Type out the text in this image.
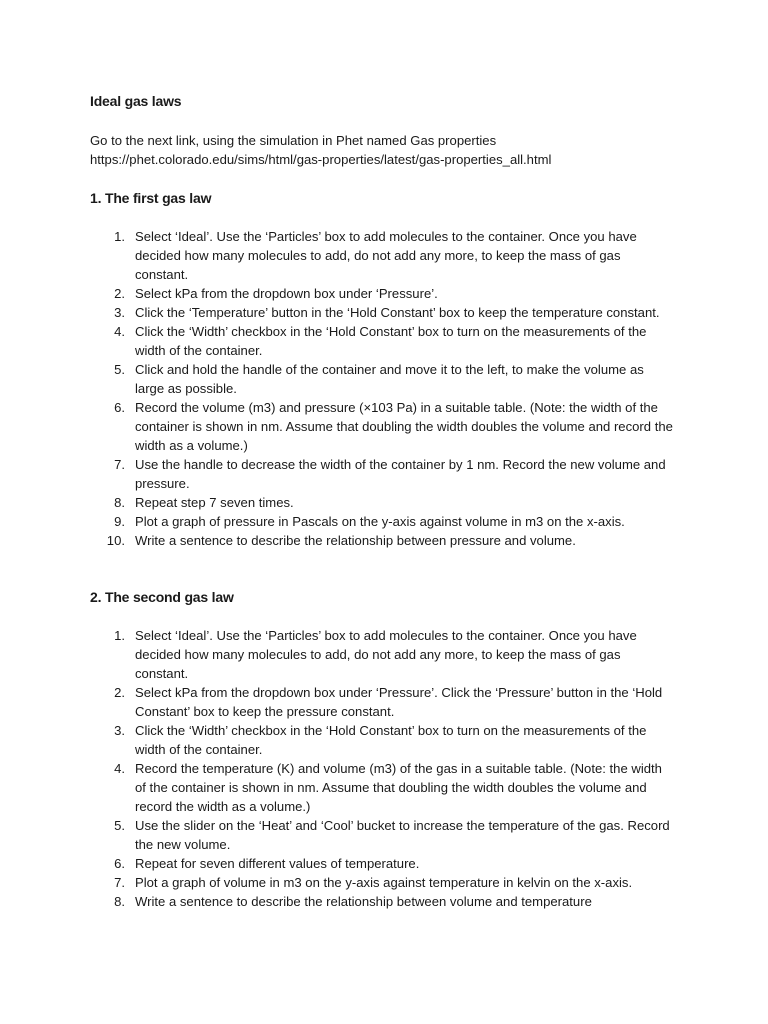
Ideal gas laws

Go to the next link, using the simulation in Phet named Gas properties

https://phet.colorado.edu/sims/html/gas-properties/latest/gas-properties_all.html

1. The first gas law
1. Select ‘Ideal’. Use the ‘Particles’ box to add molecules to the container. Once you have decided how many molecules to add, do not add any more, to keep the mass of gas constant.
2. Select kPa from the dropdown box under ‘Pressure’.
3. Click the ‘Temperature’ button in the ‘Hold Constant’ box to keep the temperature constant.
4. Click the ‘Width’ checkbox in the ‘Hold Constant’ box to turn on the measurements of the width of the container.
5. Click and hold the handle of the container and move it to the left, to make the volume as large as possible.
6. Record the volume (m3) and pressure (×103 Pa) in a suitable table. (Note: the width of the container is shown in nm. Assume that doubling the width doubles the volume and record the width as a volume.)
7. Use the handle to decrease the width of the container by 1 nm. Record the new volume and pressure.
8. Repeat step 7 seven times.
9. Plot a graph of pressure in Pascals on the y-axis against volume in m3 on the x-axis.
10. Write a sentence to describe the relationship between pressure and volume.
2. The second gas law
1. Select ‘Ideal’. Use the ‘Particles’ box to add molecules to the container. Once you have decided how many molecules to add, do not add any more, to keep the mass of gas constant.
2. Select kPa from the dropdown box under ‘Pressure’. Click the ‘Pressure’ button in the ‘Hold Constant’ box to keep the pressure constant.
3. Click the ‘Width’ checkbox in the ‘Hold Constant’ box to turn on the measurements of the width of the container.
4. Record the temperature (K) and volume (m3) of the gas in a suitable table. (Note: the width of the container is shown in nm. Assume that doubling the width doubles the volume and record the width as a volume.)
5. Use the slider on the ‘Heat’ and ‘Cool’ bucket to increase the temperature of the gas. Record the new volume.
6. Repeat for seven different values of temperature.
7. Plot a graph of volume in m3 on the y-axis against temperature in kelvin on the x-axis.
8. Write a sentence to describe the relationship between volume and temperature
